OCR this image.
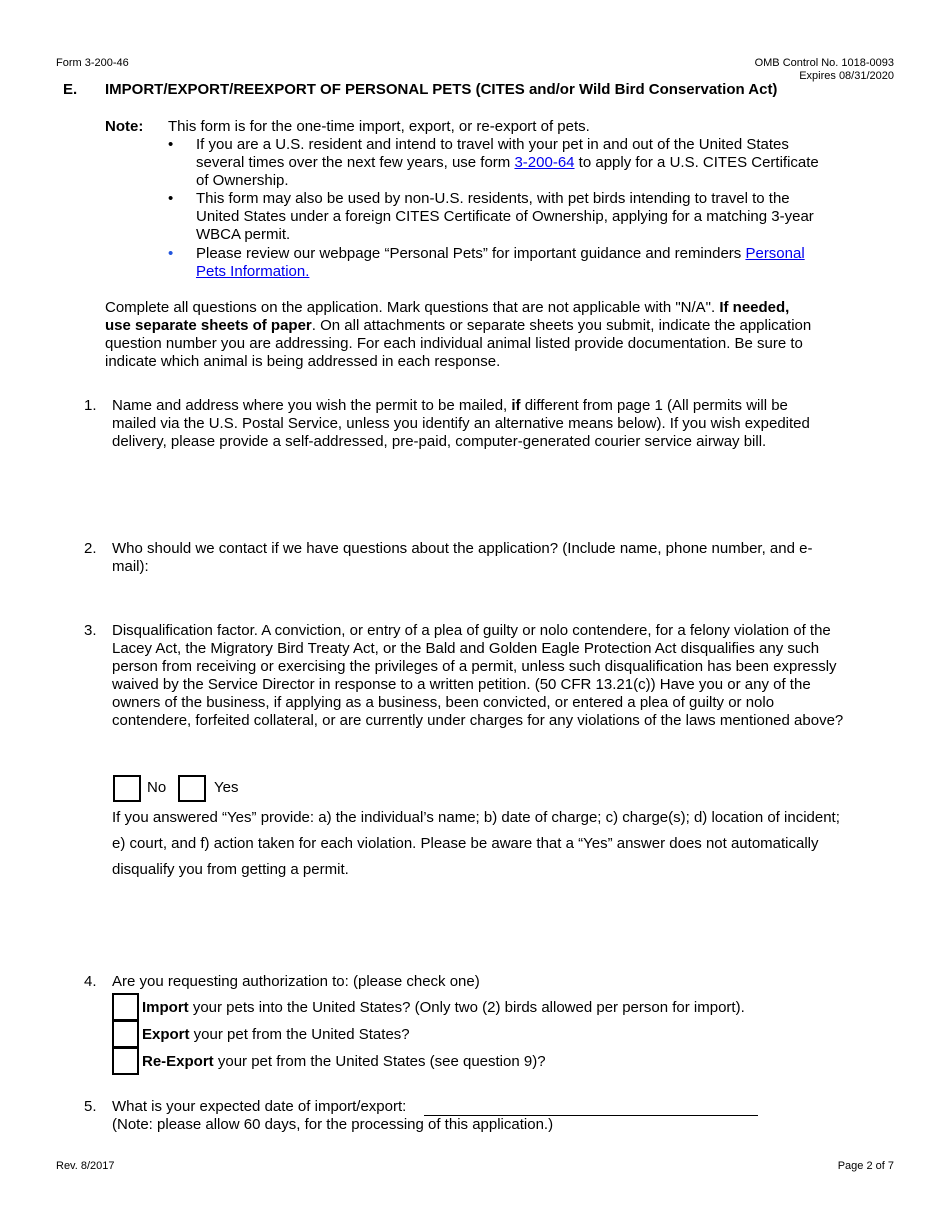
Form 3-200-46	OMB Control No. 1018-0093
Expires 08/31/2020
E. IMPORT/EXPORT/REEXPORT OF PERSONAL PETS (CITES and/or Wild Bird Conservation Act)
Note: This form is for the one-time import, export, or re-export of pets.
• If you are a U.S. resident and intend to travel with your pet in and out of the United States
several times over the next few years, use form 3-200-64 to apply for a U.S. CITES Certificate
of Ownership.
• This form may also be used by non-U.S. residents, with pet birds intending to travel to the
United States under a foreign CITES Certificate of Ownership, applying for a matching 3-year
WBCA permit.
• Please review our webpage “Personal Pets” for important guidance and reminders Personal
Pets Information.
Complete all questions on the application. Mark questions that are not applicable with "N/A". If needed,
use separate sheets of paper. On all attachments or separate sheets you submit, indicate the application
question number you are addressing. For each individual animal listed provide documentation. Be sure to
indicate which animal is being addressed in each response.
1. Name and address where you wish the permit to be mailed, if different from page 1 (All permits will be
mailed via the U.S. Postal Service, unless you identify an alternative means below). If you wish expedited
delivery, please provide a self-addressed, pre-paid, computer-generated courier service airway bill.
2. Who should we contact if we have questions about the application? (Include name, phone number, and e-
mail):
3. Disqualification factor. A conviction, or entry of a plea of guilty or nolo contendere, for a felony violation of the
Lacey Act, the Migratory Bird Treaty Act, or the Bald and Golden Eagle Protection Act disqualifies any such
person from receiving or exercising the privileges of a permit, unless such disqualification has been expressly
waived by the Service Director in response to a written petition. (50 CFR 13.21(c)) Have you or any of the
owners of the business, if applying as a business, been convicted, or entered a plea of guilty or nolo
contendere, forfeited collateral, or are currently under charges for any violations of the laws mentioned above?
No	Yes
If you answered “Yes” provide: a) the individual’s name; b) date of charge; c) charge(s); d) location of incident;
e) court, and f) action taken for each violation. Please be aware that a “Yes” answer does not automatically
disqualify you from getting a permit.
4. Are you requesting authorization to: (please check one)
Import your pets into the United States? (Only two (2) birds allowed per person for import).
Export your pet from the United States?
Re-Export your pet from the United States (see question 9)?
5. What is your expected date of import/export:
(Note: please allow 60 days, for the processing of this application.)
Rev. 8/2017	Page 2 of 7
